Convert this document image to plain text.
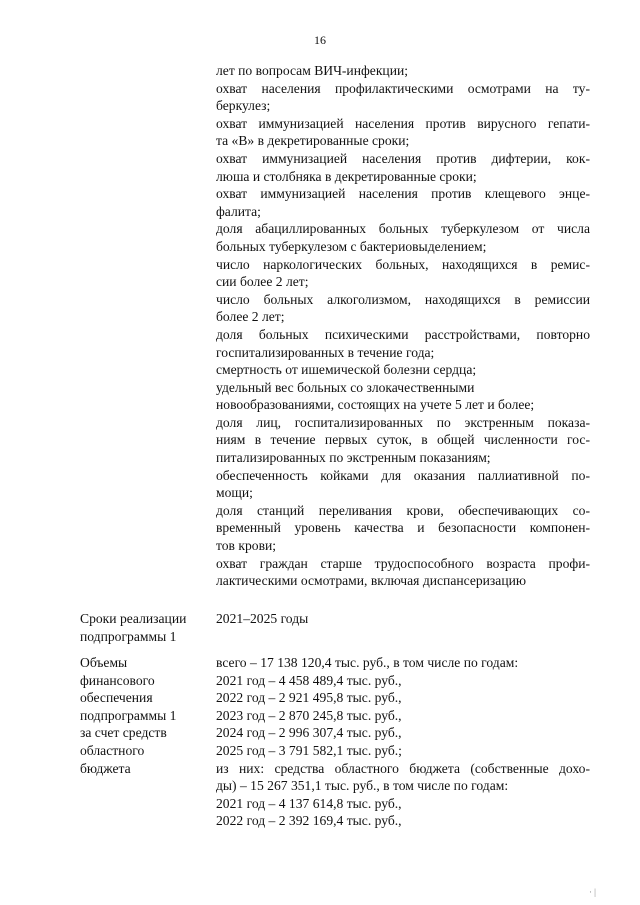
16
лет по вопросам ВИЧ-инфекции;
охват населения профилактическими осмотрами на ту-
беркулез;
охват иммунизацией населения против вирусного гепати-
та «В» в декретированные сроки;
охват иммунизацией населения против дифтерии, кок-
люша и столбняка в декретированные сроки;
охват иммунизацией населения против клещевого энце-
фалита;
доля абациллированных больных туберкулезом от числа
больных туберкулезом с бактериовыделением;
число наркологических больных, находящихся в ремис-
сии более 2 лет;
число больных алкоголизмом, находящихся в ремиссии
более 2 лет;
доля больных психическими расстройствами, повторно
госпитализированных в течение года;
смертность от ишемической болезни сердца;
удельный вес больных со злокачественными
новообразованиями, состоящих на учете 5 лет и более;
доля лиц, госпитализированных по экстренным показа-
ниям в течение первых суток, в общей численности гос-
питализированных по экстренным показаниям;
обеспеченность койками для оказания паллиативной по-
мощи;
доля станций переливания крови, обеспечивающих со-
временный уровень качества и безопасности компонен-
тов крови;
охват граждан старше трудоспособного возраста профи-
лактическими осмотрами, включая диспансеризацию
Сроки реализации
подпрограммы 1
2021–2025 годы
Объемы
финансового
обеспечения
подпрограммы 1
за счет средств
областного
бюджета
всего – 17 138 120,4 тыс. руб., в том числе по годам:
2021 год – 4 458 489,4 тыс. руб.,
2022 год – 2 921 495,8 тыс. руб.,
2023 год – 2 870 245,8 тыс. руб.,
2024 год – 2 996 307,4 тыс. руб.,
2025 год – 3 791 582,1 тыс. руб.;
из них: средства областного бюджета (собственные дохо-
ды) – 15 267 351,1 тыс. руб., в том числе по годам:
2021 год – 4 137 614,8 тыс. руб.,
2022 год – 2 392 169,4 тыс. руб.,
· |
